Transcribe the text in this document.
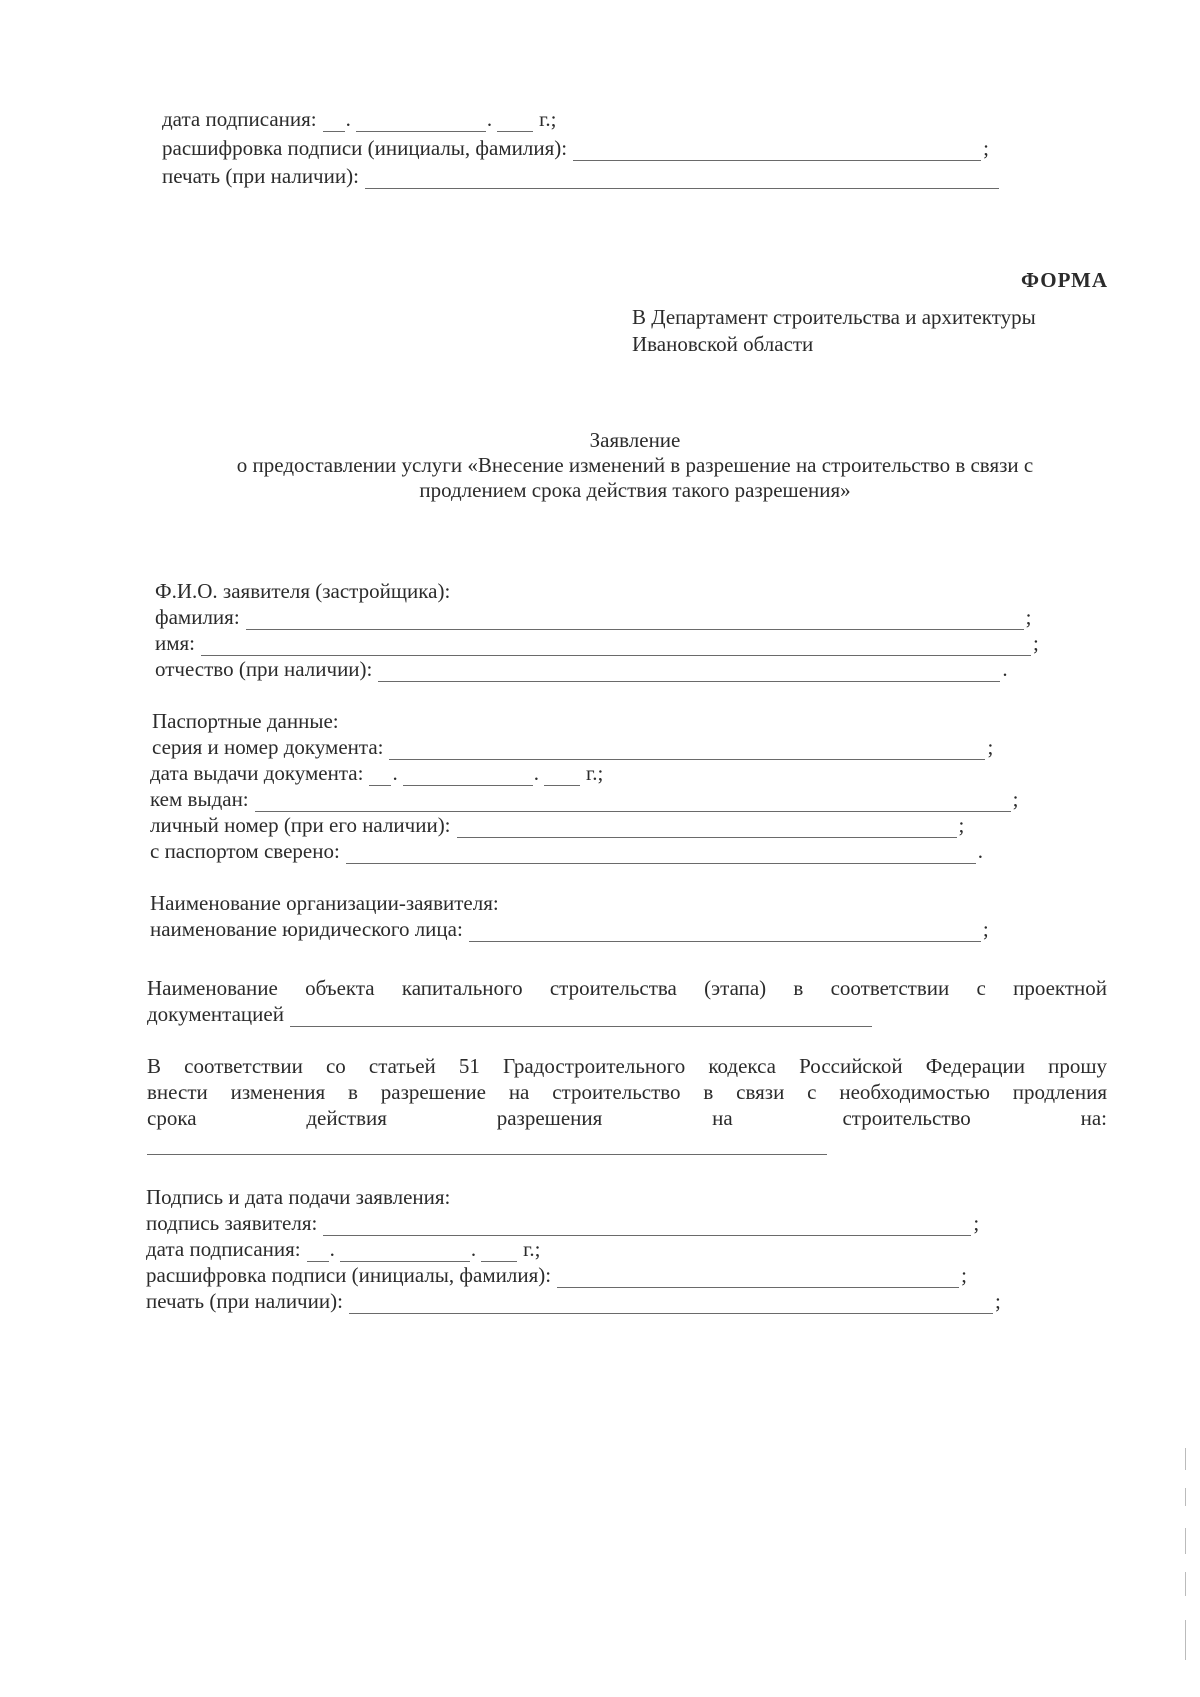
дата подписания: .	. г.;
расшифровка подписи (инициалы, фамилия):	;
печать (при наличии):
ФОРМА
В Департамент строительства и архитектуры
Ивановской области
Заявление
о предоставлении услуги «Внесение изменений в разрешение на строительство в связи с
продлением срока действия такого разрешения»
Ф.И.О. заявителя (застройщика):
фамилия:	;
имя:	;
отчество (при наличии):	.
Паспортные данные:
серия и номер документа:	;
дата выдачи документа: .	. г.;
кем выдан:	;
личный номер (при его наличии):	;
с паспортом сверено:	.
Наименование организации-заявителя:
наименование юридического лица:	;
Наименование объекта капитального строительства (этапа) в соответствии с проектной
документацией
В соответствии со статьей 51 Градостроительного кодекса Российской Федерации прошу
внести изменения в разрешение на строительство в связи с необходимостью продления
срока действия разрешения на строительство на:
Подпись и дата подачи заявления:
подпись заявителя:	;
дата подписания: .	. г.;
расшифровка подписи (инициалы, фамилия):	;
печать (при наличии):	;
